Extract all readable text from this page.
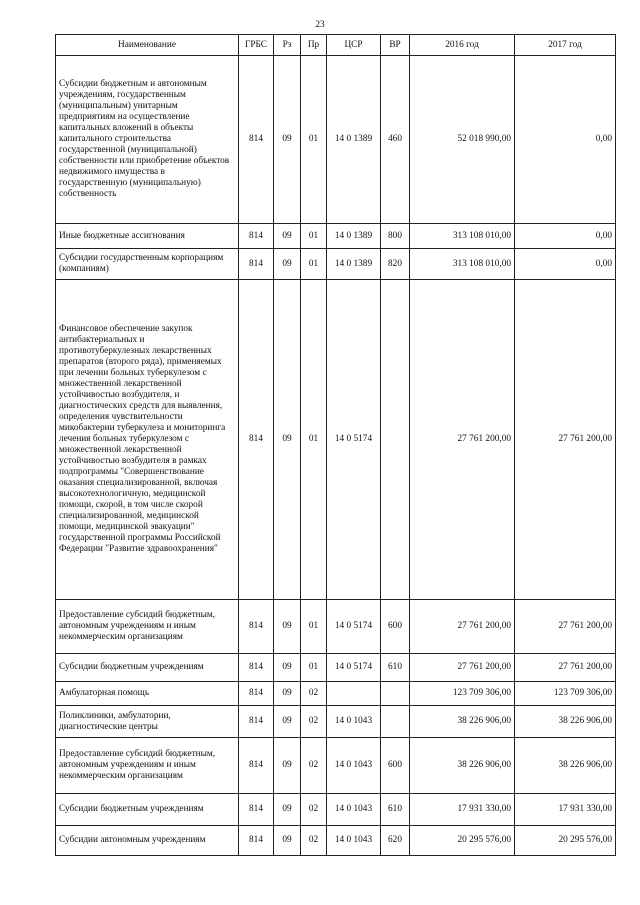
23
Наименование	ГРБС	Рз	Пр	ЦСР	ВР	2016 год	2017 год
Субсидии бюджетным и автономным учреждениям, государственным (муниципальным) унитарным предприятиям на осуществление капитальных вложений в объекты капитального строительства государственной (муниципальной) собственности или приобретение объектов недвижимого имущества в государственную (муниципальную) собственность	814	09	01	14 0 1389	460	52 018 990,00	0,00
Иные бюджетные ассигнования	814	09	01	14 0 1389	800	313 108 010,00	0,00
Субсидии государственным корпорациям (компаниям)	814	09	01	14 0 1389	820	313 108 010,00	0,00
Финансовое обеспечение закупок антибактериальных и противотуберкулезных лекарственных препаратов (второго ряда), применяемых при лечении больных туберкулезом с множественной лекарственной устойчивостью возбудителя, и диагностических средств для выявления, определения чувствительности микобактерии туберкулеза и мониторинга лечения больных туберкулезом с множественной лекарственной устойчивостью возбудителя в рамках подпрограммы "Совершенствование оказания специализированной, включая высокотехнологичную, медицинской помощи, скорой, в том числе скорой специализированной, медицинской помощи, медицинской эвакуации" государственной программы Российской Федерации "Развитие здравоохранения"	814	09	01	14 0 5174		27 761 200,00	27 761 200,00
Предоставление субсидий бюджетным, автономным учреждениям и иным некоммерческим организациям	814	09	01	14 0 5174	600	27 761 200,00	27 761 200,00
Субсидии бюджетным учреждениям	814	09	01	14 0 5174	610	27 761 200,00	27 761 200,00
Амбулаторная помощь	814	09	02			123 709 306,00	123 709 306,00
Поликлиники, амбулатории, диагностические центры	814	09	02	14 0 1043		38 226 906,00	38 226 906,00
Предоставление субсидий бюджетным, автономным учреждениям и иным некоммерческим организациям	814	09	02	14 0 1043	600	38 226 906,00	38 226 906,00
Субсидии бюджетным учреждениям	814	09	02	14 0 1043	610	17 931 330,00	17 931 330,00
Субсидии автономным учреждениям	814	09	02	14 0 1043	620	20 295 576,00	20 295 576,00
